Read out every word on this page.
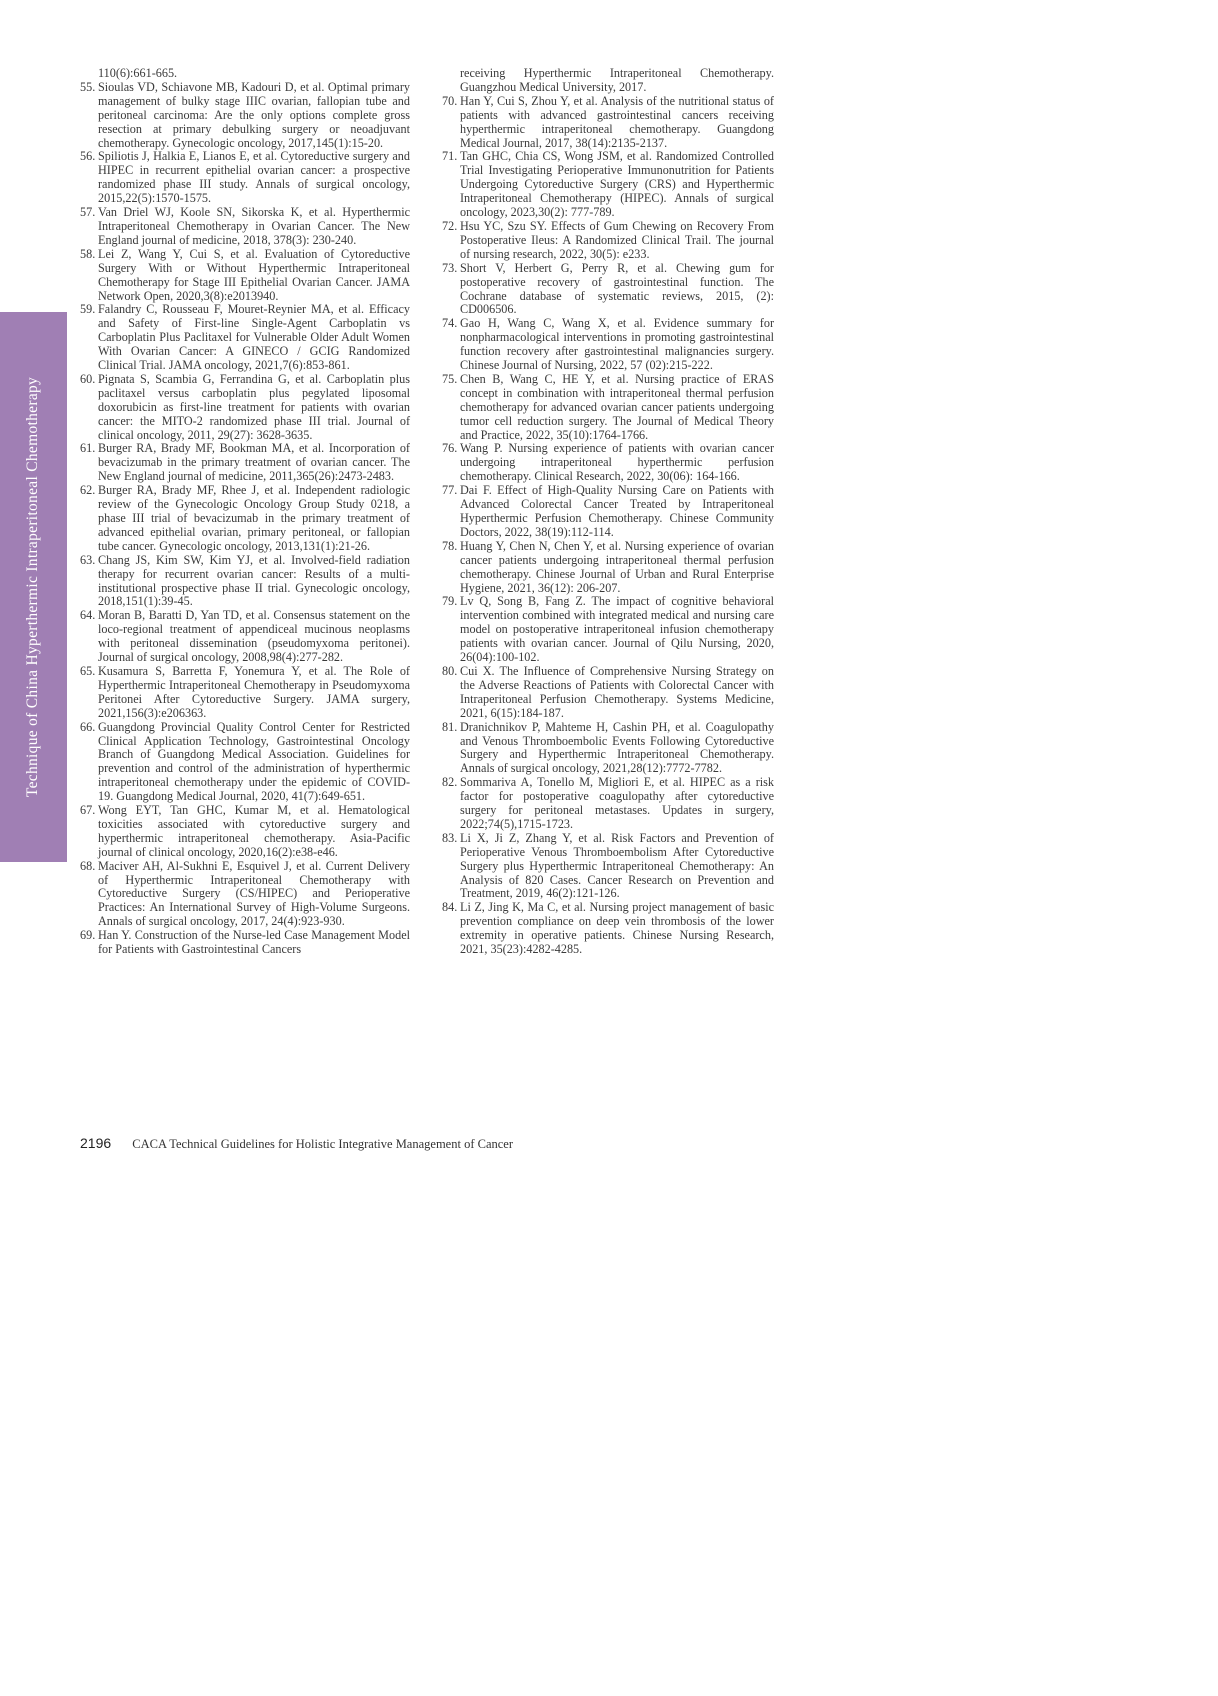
Technique of China Hyperthermic Intraperitoneal Chemotherapy

110(6):661-665.

55. Sioulas VD, Schiavone MB, Kadouri D, et al. Optimal primary management of bulky stage IIIC ovarian, fallopian tube and peritoneal carcinoma: Are the only options complete gross resection at primary debulking surgery or neoadjuvant chemotherapy. Gynecologic oncology, 2017,145(1):15-20.

56. Spiliotis J, Halkia E, Lianos E, et al. Cytoreductive surgery and HIPEC in recurrent epithelial ovarian cancer: a prospective randomized phase III study. Annals of surgical oncology, 2015,22(5):1570-1575.

57. Van Driel WJ, Koole SN, Sikorska K, et al. Hyperthermic Intraperitoneal Chemotherapy in Ovarian Cancer. The New England journal of medicine, 2018, 378(3): 230-240.

58. Lei Z, Wang Y, Cui S, et al. Evaluation of Cytoreductive Surgery With or Without Hyperthermic Intraperitoneal Chemotherapy for Stage III Epithelial Ovarian Cancer. JAMA Network Open, 2020,3(8):e2013940.

59. Falandry C, Rousseau F, Mouret-Reynier MA, et al. Efficacy and Safety of First-line Single-Agent Carboplatin vs Carboplatin Plus Paclitaxel for Vulnerable Older Adult Women With Ovarian Cancer: A GINECO / GCIG Randomized Clinical Trial. JAMA oncology, 2021,7(6):853-861.

60. Pignata S, Scambia G, Ferrandina G, et al. Carboplatin plus paclitaxel versus carboplatin plus pegylated liposomal doxorubicin as first-line treatment for patients with ovarian cancer: the MITO-2 randomized phase III trial. Journal of clinical oncology, 2011, 29(27): 3628-3635.

61. Burger RA, Brady MF, Bookman MA, et al. Incorporation of bevacizumab in the primary treatment of ovarian cancer. The New England journal of medicine, 2011,365(26):2473-2483.

62. Burger RA, Brady MF, Rhee J, et al. Independent radiologic review of the Gynecologic Oncology Group Study 0218, a phase III trial of bevacizumab in the primary treatment of advanced epithelial ovarian, primary peritoneal, or fallopian tube cancer. Gynecologic oncology, 2013,131(1):21-26.

63. Chang JS, Kim SW, Kim YJ, et al. Involved-field radiation therapy for recurrent ovarian cancer: Results of a multi-institutional prospective phase II trial. Gynecologic oncology, 2018,151(1):39-45.

64. Moran B, Baratti D, Yan TD, et al. Consensus statement on the loco-regional treatment of appendiceal mucinous neoplasms with peritoneal dissemination (pseudomyxoma peritonei). Journal of surgical oncology, 2008,98(4):277-282.

65. Kusamura S, Barretta F, Yonemura Y, et al. The Role of Hyperthermic Intraperitoneal Chemotherapy in Pseudomyxoma Peritonei After Cytoreductive Surgery. JAMA surgery, 2021,156(3):e206363.

66. Guangdong Provincial Quality Control Center for Restricted Clinical Application Technology, Gastrointestinal Oncology Branch of Guangdong Medical Association. Guidelines for prevention and control of the administration of hyperthermic intraperitoneal chemotherapy under the epidemic of COVID-19. Guangdong Medical Journal, 2020, 41(7):649-651.

67. Wong EYT, Tan GHC, Kumar M, et al. Hematological toxicities associated with cytoreductive surgery and hyperthermic intraperitoneal chemotherapy. Asia-Pacific journal of clinical oncology, 2020,16(2):e38-e46.

68. Maciver AH, Al-Sukhni E, Esquivel J, et al. Current Delivery of Hyperthermic Intraperitoneal Chemotherapy with Cytoreductive Surgery (CS/HIPEC) and Perioperative Practices: An International Survey of High-Volume Surgeons. Annals of surgical oncology, 2017, 24(4):923-930.

69. Han Y. Construction of the Nurse-led Case Management Model for Patients with Gastrointestinal Cancers

receiving Hyperthermic Intraperitoneal Chemotherapy. Guangzhou Medical University, 2017.

70. Han Y, Cui S, Zhou Y, et al. Analysis of the nutritional status of patients with advanced gastrointestinal cancers receiving hyperthermic intraperitoneal chemotherapy. Guangdong Medical Journal, 2017, 38(14):2135-2137.

71. Tan GHC, Chia CS, Wong JSM, et al. Randomized Controlled Trial Investigating Perioperative Immunonutrition for Patients Undergoing Cytoreductive Surgery (CRS) and Hyperthermic Intraperitoneal Chemotherapy (HIPEC). Annals of surgical oncology, 2023,30(2): 777-789.

72. Hsu YC, Szu SY. Effects of Gum Chewing on Recovery From Postoperative Ileus: A Randomized Clinical Trail. The journal of nursing research, 2022, 30(5): e233.

73. Short V, Herbert G, Perry R, et al. Chewing gum for postoperative recovery of gastrointestinal function. The Cochrane database of systematic reviews, 2015, (2): CD006506.

74. Gao H, Wang C, Wang X, et al. Evidence summary for nonpharmacological interventions in promoting gastrointestinal function recovery after gastrointestinal malignancies surgery. Chinese Journal of Nursing, 2022, 57 (02):215-222.

75. Chen B, Wang C, HE Y, et al. Nursing practice of ERAS concept in combination with intraperitoneal thermal perfusion chemotherapy for advanced ovarian cancer patients undergoing tumor cell reduction surgery. The Journal of Medical Theory and Practice, 2022, 35(10):1764-1766.

76. Wang P. Nursing experience of patients with ovarian cancer undergoing intraperitoneal hyperthermic perfusion chemotherapy. Clinical Research, 2022, 30(06): 164-166.

77. Dai F. Effect of High-Quality Nursing Care on Patients with Advanced Colorectal Cancer Treated by Intraperitoneal Hyperthermic Perfusion Chemotherapy. Chinese Community Doctors, 2022, 38(19):112-114.

78. Huang Y, Chen N, Chen Y, et al. Nursing experience of ovarian cancer patients undergoing intraperitoneal thermal perfusion chemotherapy. Chinese Journal of Urban and Rural Enterprise Hygiene, 2021, 36(12): 206-207.

79. Lv Q, Song B, Fang Z. The impact of cognitive behavioral intervention combined with integrated medical and nursing care model on postoperative intraperitoneal infusion chemotherapy patients with ovarian cancer. Journal of Qilu Nursing, 2020, 26(04):100-102.

80. Cui X. The Influence of Comprehensive Nursing Strategy on the Adverse Reactions of Patients with Colorectal Cancer with Intraperitoneal Perfusion Chemotherapy. Systems Medicine, 2021, 6(15):184-187.

81. Dranichnikov P, Mahteme H, Cashin PH, et al. Coagulopathy and Venous Thromboembolic Events Following Cytoreductive Surgery and Hyperthermic Intraperitoneal Chemotherapy. Annals of surgical oncology, 2021,28(12):7772-7782.

82. Sommariva A, Tonello M, Migliori E, et al. HIPEC as a risk factor for postoperative coagulopathy after cytoreductive surgery for peritoneal metastases. Updates in surgery, 2022;74(5),1715-1723.

83. Li X, Ji Z, Zhang Y, et al. Risk Factors and Prevention of Perioperative Venous Thromboembolism After Cytoreductive Surgery plus Hyperthermic Intraperitoneal Chemotherapy: An Analysis of 820 Cases. Cancer Research on Prevention and Treatment, 2019, 46(2):121-126.

84. Li Z, Jing K, Ma C, et al. Nursing project management of basic prevention compliance on deep vein thrombosis of the lower extremity in operative patients. Chinese Nursing Research, 2021, 35(23):4282-4285.

2196 CACA Technical Guidelines for Holistic Integrative Management of Cancer
